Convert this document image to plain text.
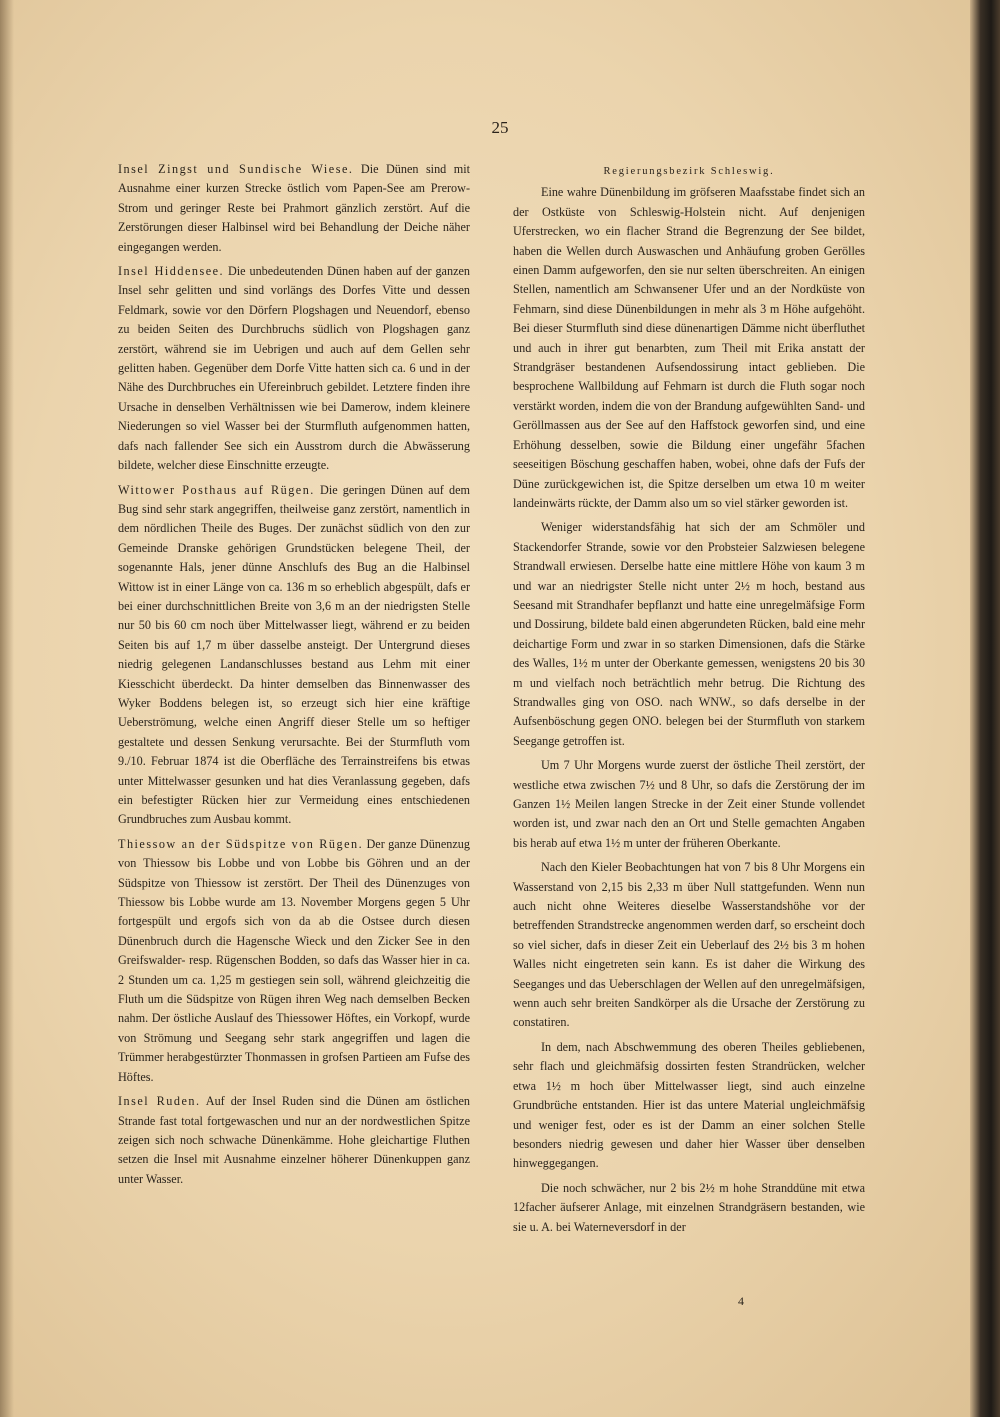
25

Insel Zingst und Sundische Wiese. Die Dünen sind mit Ausnahme einer kurzen Strecke östlich vom Papen-See am Prerow-Strom und geringer Reste bei Prahmort gänzlich zerstört. Auf die Zerstörungen dieser Halbinsel wird bei Behandlung der Deiche näher eingegangen werden.

Insel Hiddensee. Die unbedeutenden Dünen haben auf der ganzen Insel sehr gelitten und sind vorlängs des Dorfes Vitte und dessen Feldmark, sowie vor den Dörfern Plogshagen und Neuendorf, ebenso zu beiden Seiten des Durchbruchs südlich von Plogshagen ganz zerstört, während sie im Uebrigen und auch auf dem Gellen sehr gelitten haben. Gegenüber dem Dorfe Vitte hatten sich ca. 6 und in der Nähe des Durchbruches ein Ufereinbruch gebildet. Letztere finden ihre Ursache in denselben Verhältnissen wie bei Damerow, indem kleinere Niederungen so viel Wasser bei der Sturmfluth aufgenommen hatten, dafs nach fallender See sich ein Ausstrom durch die Abwässerung bildete, welcher diese Einschnitte erzeugte.

Wittower Posthaus auf Rügen. Die geringen Dünen auf dem Bug sind sehr stark angegriffen, theilweise ganz zerstört, namentlich in dem nördlichen Theile des Buges. Der zunächst südlich von den zur Gemeinde Dranske gehörigen Grundstücken belegene Theil, der sogenannte Hals, jener dünne Anschlufs des Bug an die Halbinsel Wittow ist in einer Länge von ca. 136 m so erheblich abgespült, dafs er bei einer durchschnittlichen Breite von 3,6 m an der niedrigsten Stelle nur 50 bis 60 cm noch über Mittelwasser liegt, während er zu beiden Seiten bis auf 1,7 m über dasselbe ansteigt. Der Untergrund dieses niedrig gelegenen Landanschlusses bestand aus Lehm mit einer Kiesschicht überdeckt. Da hinter demselben das Binnenwasser des Wyker Boddens belegen ist, so erzeugt sich hier eine kräftige Ueberströmung, welche einen Angriff dieser Stelle um so heftiger gestaltete und dessen Senkung verursachte. Bei der Sturmfluth vom 9./10. Februar 1874 ist die Oberfläche des Terrainstreifens bis etwas unter Mittelwasser gesunken und hat dies Veranlassung gegeben, dafs ein befestigter Rücken hier zur Vermeidung eines entschiedenen Grundbruches zum Ausbau kommt.

Thiessow an der Südspitze von Rügen. Der ganze Dünenzug von Thiessow bis Lobbe und von Lobbe bis Göhren und an der Südspitze von Thiessow ist zerstört. Der Theil des Dünenzuges von Thiessow bis Lobbe wurde am 13. November Morgens gegen 5 Uhr fortgespült und ergofs sich von da ab die Ostsee durch diesen Dünenbruch durch die Hagensche Wieck und den Zicker See in den Greifswalder- resp. Rügenschen Bodden, so dafs das Wasser hier in ca. 2 Stunden um ca. 1,25 m gestiegen sein soll, während gleichzeitig die Fluth um die Südspitze von Rügen ihren Weg nach demselben Becken nahm. Der östliche Auslauf des Thiessower Höftes, ein Vorkopf, wurde von Strömung und Seegang sehr stark angegriffen und lagen die Trümmer herabgestürzter Thonmassen in grofsen Partieen am Fufse des Höftes.

Insel Ruden. Auf der Insel Ruden sind die Dünen am östlichen Strande fast total fortgewaschen und nur an der nordwestlichen Spitze zeigen sich noch schwache Dünenkämme. Hohe gleichartige Fluthen setzen die Insel mit Ausnahme einzelner höherer Dünenkuppen ganz unter Wasser.

Regierungsbezirk Schleswig.

Eine wahre Dünenbildung im gröfseren Maafsstabe findet sich an der Ostküste von Schleswig-Holstein nicht. Auf denjenigen Uferstrecken, wo ein flacher Strand die Begrenzung der See bildet, haben die Wellen durch Auswaschen und Anhäufung groben Gerölles einen Damm aufgeworfen, den sie nur selten überschreiten. An einigen Stellen, namentlich am Schwansener Ufer und an der Nordküste von Fehmarn, sind diese Dünenbildungen in mehr als 3 m Höhe aufgehöht. Bei dieser Sturmfluth sind diese dünenartigen Dämme nicht überfluthet und auch in ihrer gut benarbten, zum Theil mit Erika anstatt der Strandgräser bestandenen Aufsendossirung intact geblieben. Die besprochene Wallbildung auf Fehmarn ist durch die Fluth sogar noch verstärkt worden, indem die von der Brandung aufgewühlten Sand- und Geröllmassen aus der See auf den Haffstock geworfen sind, und eine Erhöhung desselben, sowie die Bildung einer ungefähr 5fachen seeseitigen Böschung geschaffen haben, wobei, ohne dafs der Fufs der Düne zurückgewichen ist, die Spitze derselben um etwa 10 m weiter landeinwärts rückte, der Damm also um so viel stärker geworden ist.

Weniger widerstandsfähig hat sich der am Schmöler und Stackendorfer Strande, sowie vor den Probsteier Salzwiesen belegene Strandwall erwiesen. Derselbe hatte eine mittlere Höhe von kaum 3 m und war an niedrigster Stelle nicht unter 2½ m hoch, bestand aus Seesand mit Strandhafer bepflanzt und hatte eine unregelmäfsige Form und Dossirung, bildete bald einen abgerundeten Rücken, bald eine mehr deichartige Form und zwar in so starken Dimensionen, dafs die Stärke des Walles, 1½ m unter der Oberkante gemessen, wenigstens 20 bis 30 m und vielfach noch beträchtlich mehr betrug. Die Richtung des Strandwalles ging von OSO. nach WNW., so dafs derselbe in der Aufsenböschung gegen ONO. belegen bei der Sturmfluth von starkem Seegange getroffen ist.

Um 7 Uhr Morgens wurde zuerst der östliche Theil zerstört, der westliche etwa zwischen 7½ und 8 Uhr, so dafs die Zerstörung der im Ganzen 1½ Meilen langen Strecke in der Zeit einer Stunde vollendet worden ist, und zwar nach den an Ort und Stelle gemachten Angaben bis herab auf etwa 1½ m unter der früheren Oberkante.

Nach den Kieler Beobachtungen hat von 7 bis 8 Uhr Morgens ein Wasserstand von 2,15 bis 2,33 m über Null stattgefunden. Wenn nun auch nicht ohne Weiteres dieselbe Wasserstandshöhe vor der betreffenden Strandstrecke angenommen werden darf, so erscheint doch so viel sicher, dafs in dieser Zeit ein Ueberlauf des 2½ bis 3 m hohen Walles nicht eingetreten sein kann. Es ist daher die Wirkung des Seeganges und das Ueberschlagen der Wellen auf den unregelmäfsigen, wenn auch sehr breiten Sandkörper als die Ursache der Zerstörung zu constatiren.

In dem, nach Abschwemmung des oberen Theiles gebliebenen, sehr flach und gleichmäfsig dossirten festen Strandrücken, welcher etwa 1½ m hoch über Mittelwasser liegt, sind auch einzelne Grundbrüche entstanden. Hier ist das untere Material ungleichmäfsig und weniger fest, oder es ist der Damm an einer solchen Stelle besonders niedrig gewesen und daher hier Wasser über denselben hinweggegangen.

Die noch schwächer, nur 2 bis 2½ m hohe Stranddüne mit etwa 12facher äufserer Anlage, mit einzelnen Strandgräsern bestanden, wie sie u. A. bei Waterneversdorf in der

4
